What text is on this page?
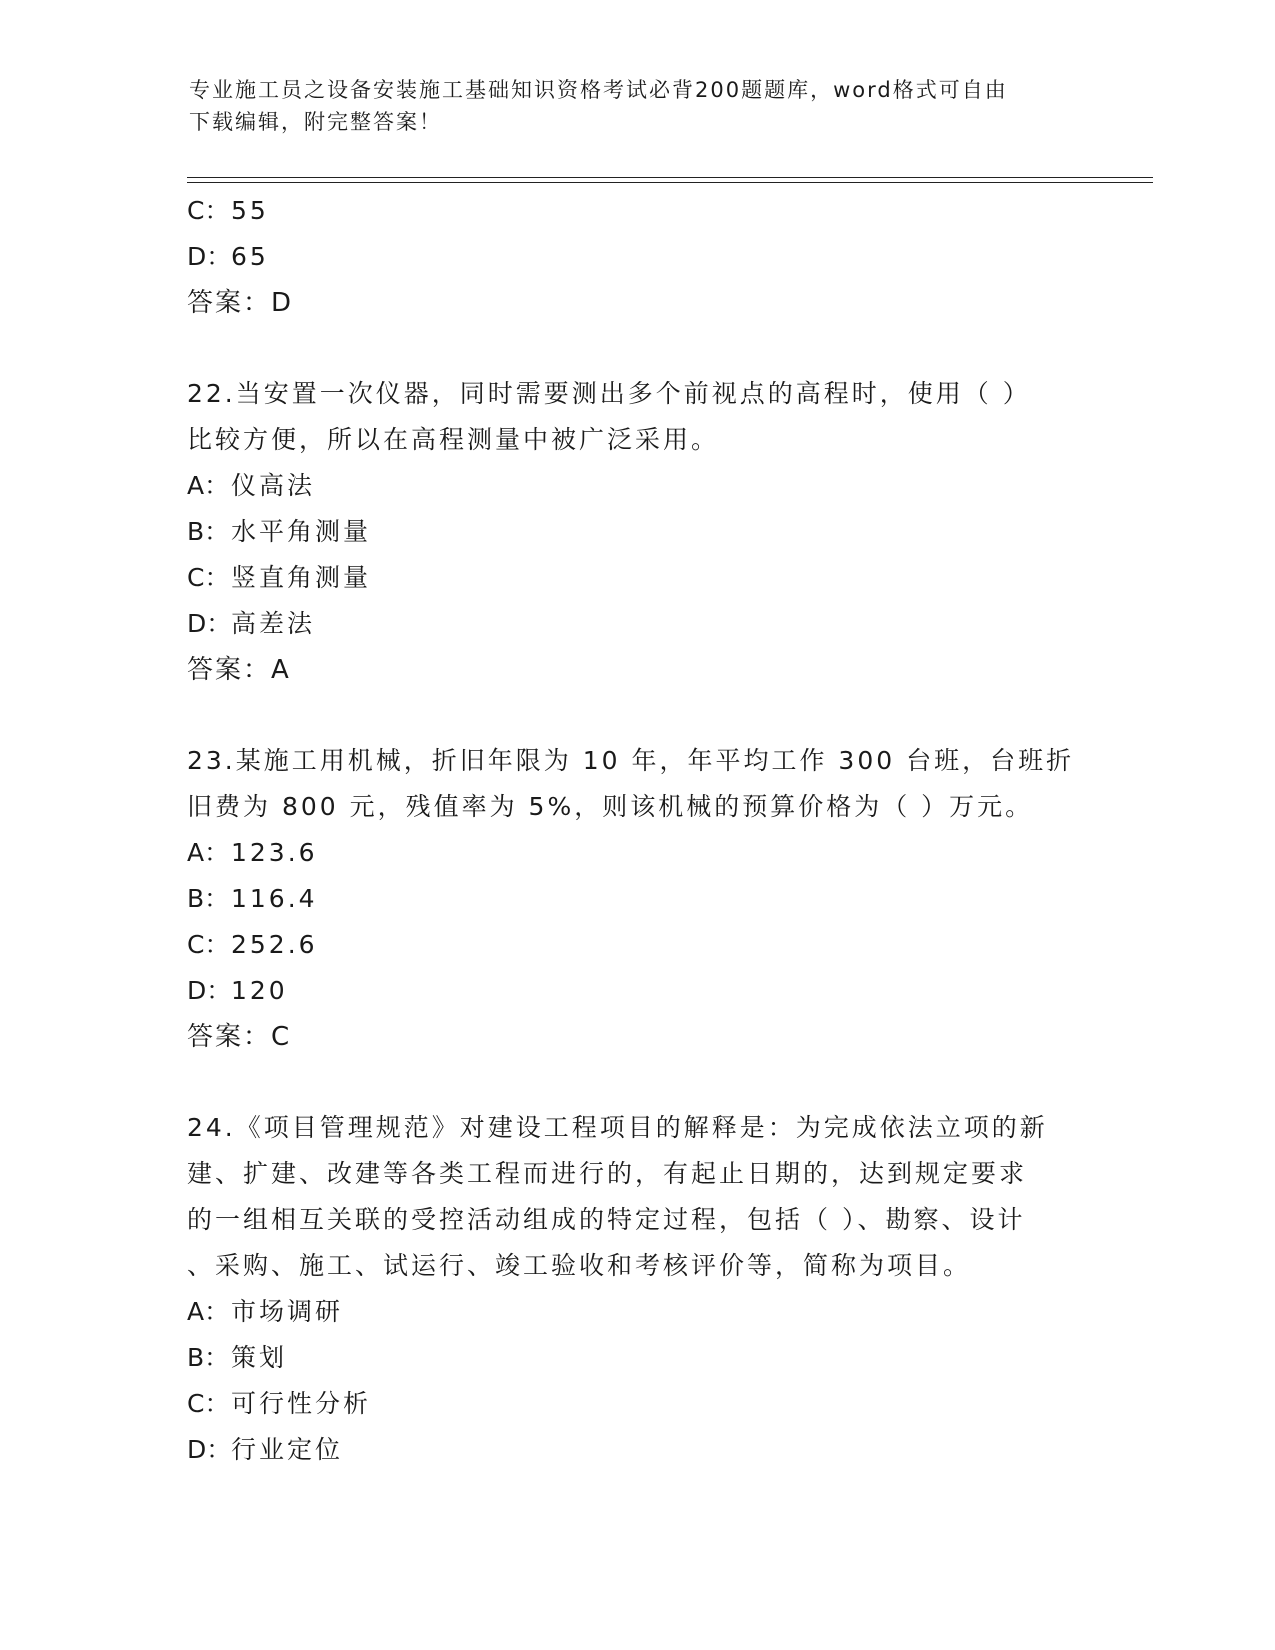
专业施工员之设备安装施工基础知识资格考试必背200题题库，word格式可自由
下载编辑，附完整答案！

C：55

D：65

答案：D

22.当安置一次仪器，同时需要测出多个前视点的高程时，使用（ ）

比较方便，所以在高程测量中被广泛采用。

A：仪高法

B：水平角测量

C：竖直角测量

D：高差法

答案：A

23.某施工用机械，折旧年限为 10 年，年平均工作 300 台班，台班折

旧费为 800 元，残值率为 5%，则该机械的预算价格为（ ）万元。

A：123.6

B：116.4

C：252.6

D：120

答案：C

24.《项目管理规范》对建设工程项目的解释是：为完成依法立项的新

建、扩建、改建等各类工程而进行的，有起止日期的，达到规定要求

的一组相互关联的受控活动组成的特定过程，包括（ ）、勘察、设计

、采购、施工、试运行、竣工验收和考核评价等，简称为项目。

A：市场调研

B：策划

C：可行性分析

D：行业定位
